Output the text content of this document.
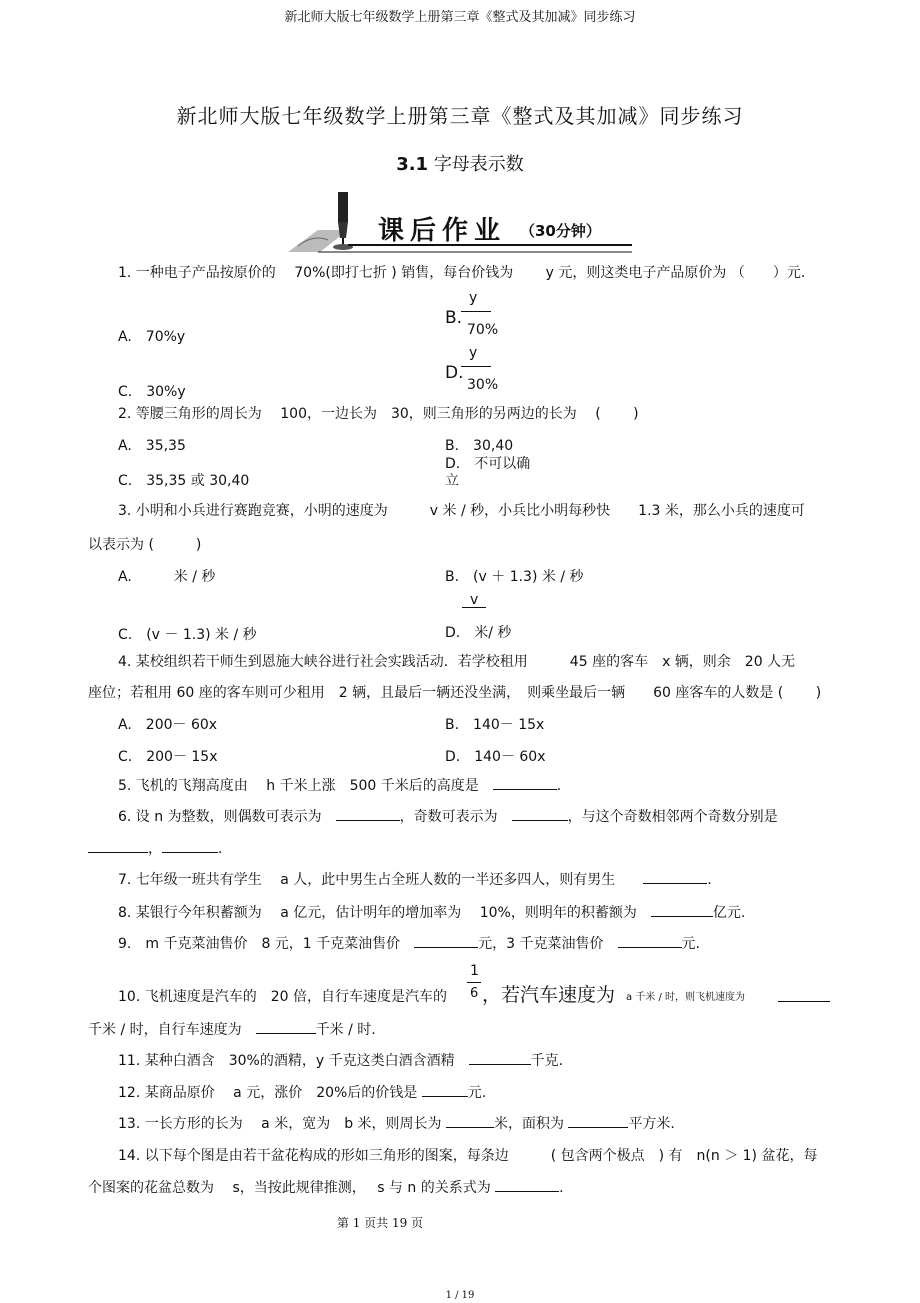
新北师大版七年级数学上册第三章《整式及其加减》同步练习
新北师大版七年级数学上册第三章《整式及其加减》同步练习
3.1 字母表示数
课后作业 （30分钟）
1. 一种电子产品按原价的　 70%(即打七折 ) 销售，每台价钱为　　 y 元，则这类电子产品原价为 （　　）元.
A.　70%y
y
B.
70%
C.　30%y
y
D.
30%
2. 等腰三角形的周长为　 100，一边长为　30，则三角形的另两边的长为　 (　　 )
A.　35,35	B.　30,40
D.　不可以确
C.　35,35 或 30,40	立
3. 小明和小兵进行赛跑竞赛，小明的速度为　　　v 米 / 秒，小兵比小明每秒快　　1.3 米，那么小兵的速度可
以表示为 (　　　)
A.　　　米 / 秒	B.　(v ＋ 1.3) 米 / 秒
v
C.　(v － 1.3) 米 / 秒	D.　米/ 秒
4. 某校组织若干师生到恩施大峡谷进行社会实践活动．若学校租用　　　45 座的客车　x 辆，则余　20 人无
座位；若租用 60 座的客车则可少租用　2 辆，且最后一辆还没坐满，　则乘坐最后一辆　　60 座客车的人数是 (　　 )
A.　200－ 60x	B.　140－ 15x
C.　200－ 15x	D.　140－ 60x
5. 飞机的飞翔高度由　 h 千米上涨　500 千米后的高度是　	.
6. 设 n 为整数，则偶数可表示为　	，奇数可表示为　	，与这个奇数相邻两个奇数分别是
，	.
7. 七年级一班共有学生　 a 人，此中男生占全班人数的一半还多四人，则有男生　　	.
8. 某银行今年积蓄额为　 a 亿元，估计明年的增加率为　 10%，则明年的积蓄额为　	亿元.
9.　m 千克菜油售价　8 元，1 千克菜油售价　	元，3 千克菜油售价　	元.
10. 飞机速度是汽车的　20 倍，自行车速度是汽车的
1
6 ，若汽车速度为 a 千米 / 时，则飞机速度为
千米 / 时，自行车速度为　	千米 / 时.
11. 某种白酒含　30%的酒精，y 千克这类白酒含酒精　	千克.
12. 某商品原价　 a 元，涨价　20%后的价钱是	元.
13. 一长方形的长为　 a 米，宽为　b 米，则周长为	米，面积为	平方米.
14. 以下每个图是由若干盆花构成的形如三角形的图案，每条边　　　( 包含两个极点　) 有　n(n ＞ 1) 盆花，每
个图案的花盆总数为　 s，当按此规律推测，　 s 与 n 的关系式为	.
第 1 页共 19 页
1 / 19
